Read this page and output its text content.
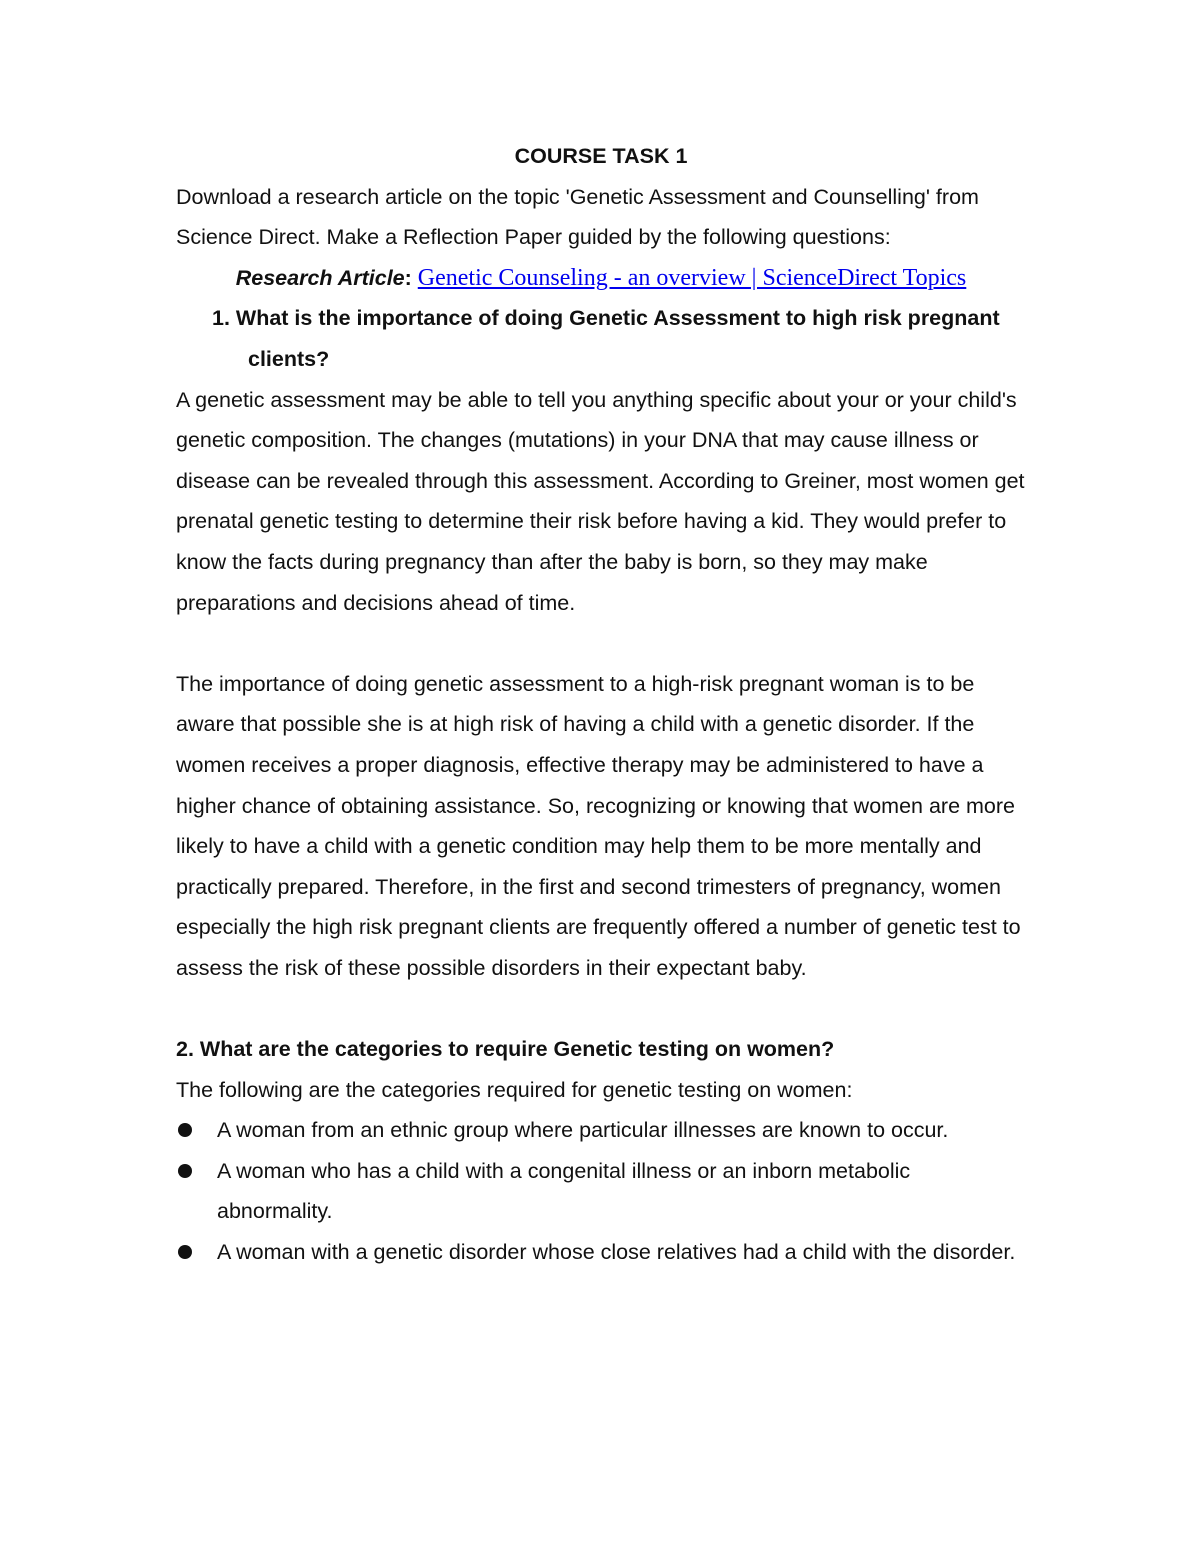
COURSE TASK 1

Download a research article on the topic 'Genetic Assessment and Counselling' from Science Direct. Make a Reflection Paper guided by the following questions:

Research Article: Genetic Counseling - an overview | ScienceDirect Topics

1. What is the importance of doing Genetic Assessment to high risk pregnant clients?

A genetic assessment may be able to tell you anything specific about your or your child's genetic composition. The changes (mutations) in your DNA that may cause illness or disease can be revealed through this assessment. According to Greiner, most women get prenatal genetic testing to determine their risk before having a kid. They would prefer to know the facts during pregnancy than after the baby is born, so they may make preparations and decisions ahead of time.

The importance of doing genetic assessment to a high-risk pregnant woman is to be aware that possible she is at high risk of having a child with a genetic disorder. If the women receives a proper diagnosis, effective therapy may be administered to have a higher chance of obtaining assistance. So, recognizing or knowing that women are more likely to have a child with a genetic condition may help them to be more mentally and practically prepared. Therefore, in the first and second trimesters of pregnancy, women especially the high risk pregnant clients are frequently offered a number of genetic test to assess the risk of these possible disorders in their expectant baby.

2. What are the categories to require Genetic testing on women?

The following are the categories required for genetic testing on women:

A woman from an ethnic group where particular illnesses are known to occur.
A woman who has a child with a congenital illness or an inborn metabolic abnormality.
A woman with a genetic disorder whose close relatives had a child with the disorder.
